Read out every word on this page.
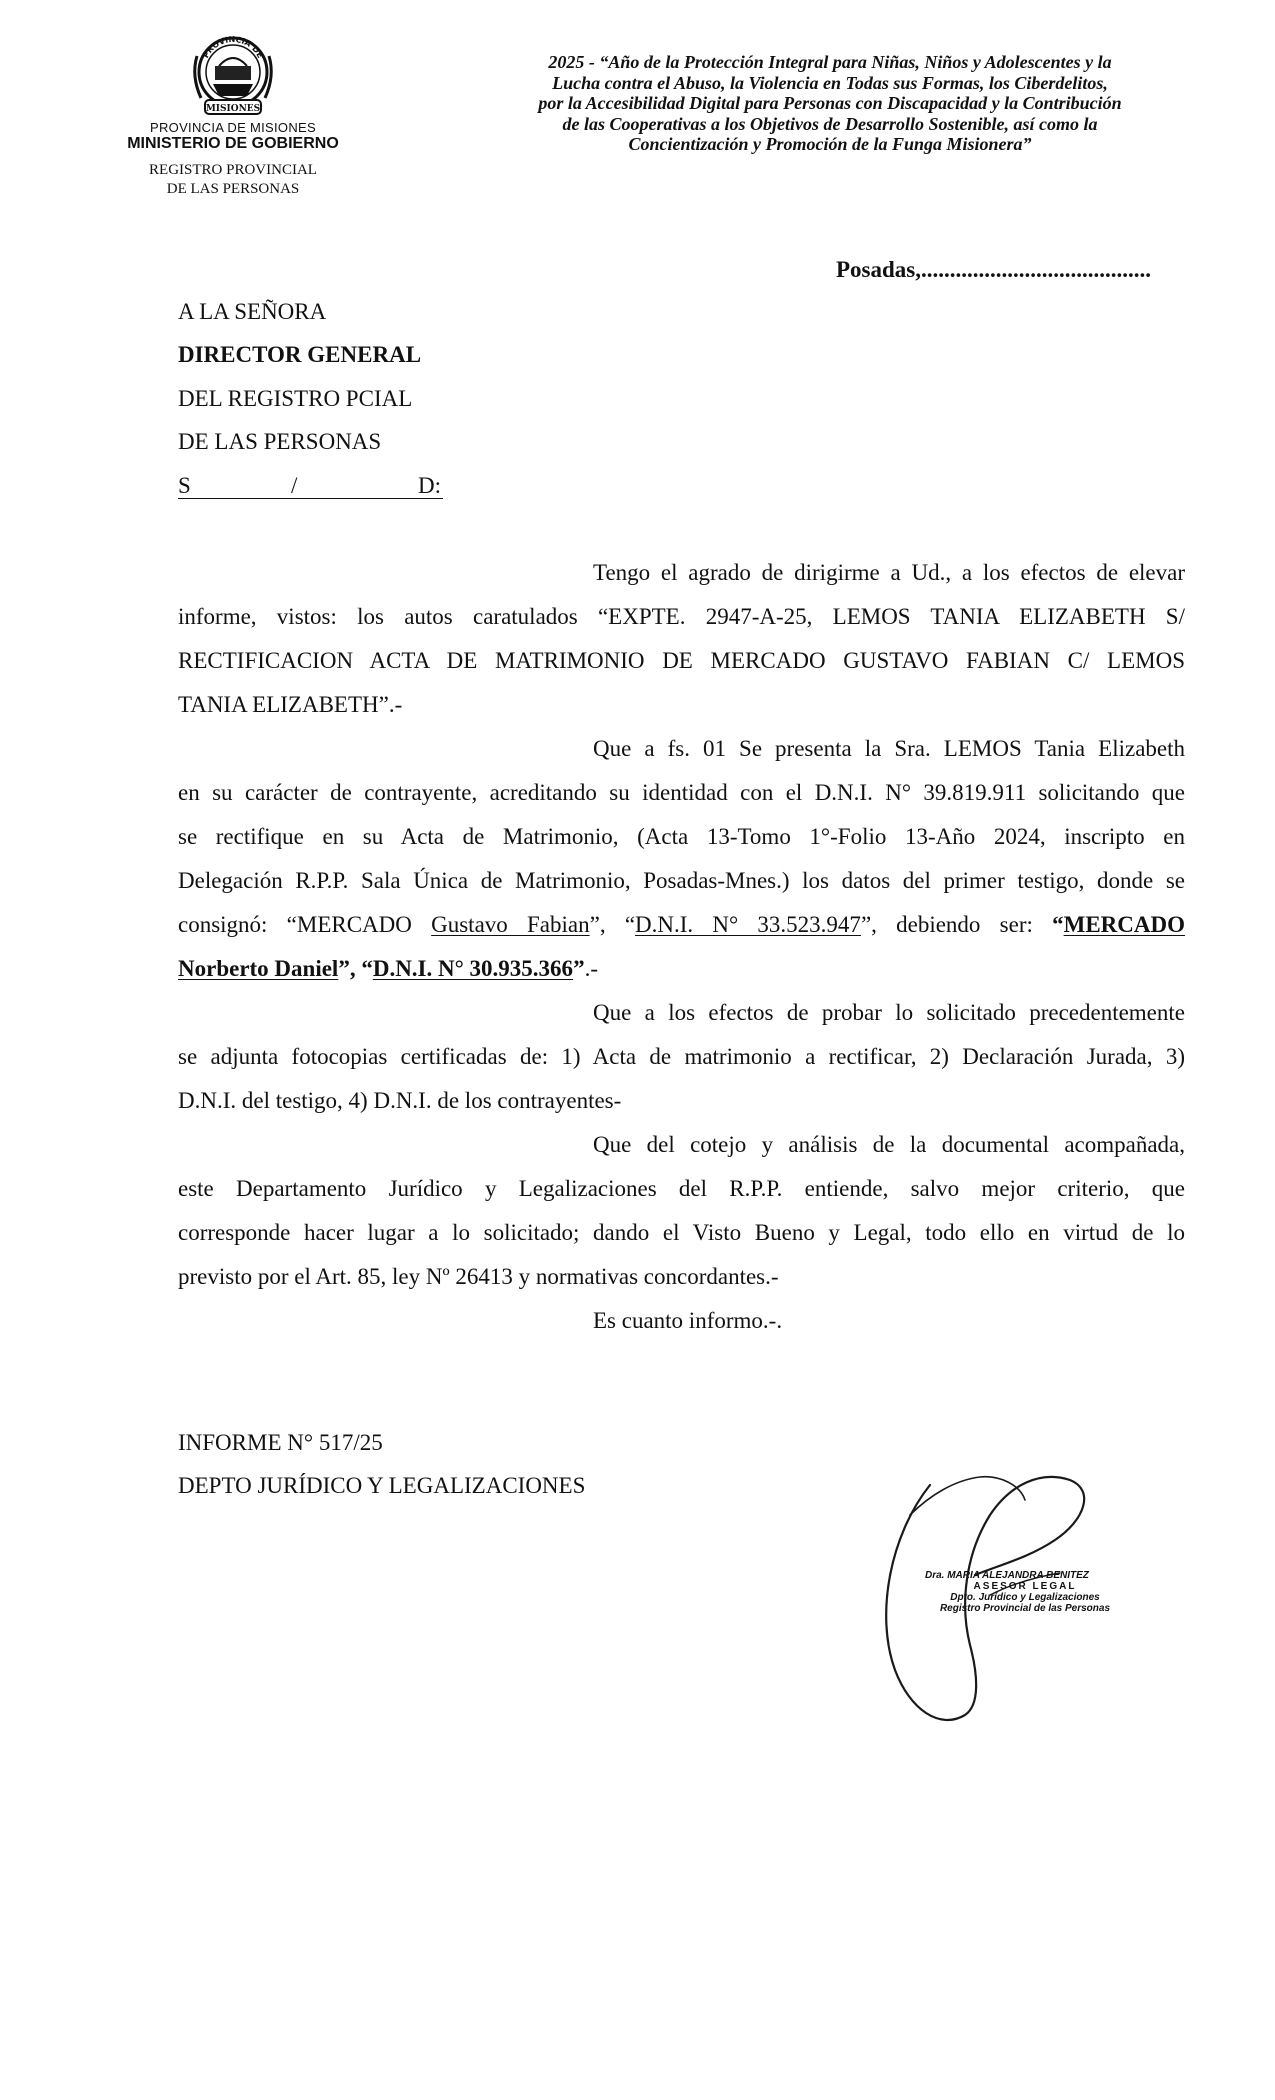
PROVINCIA DE
MISIONES
PROVINCIA DE MISIONES
MINISTERIO DE GOBIERNO
REGISTRO PROVINCIAL
DE LAS PERSONAS

2025 - “Año de la Protección Integral para Niñas, Niños y Adolescentes y la

Lucha contra el Abuso, la Violencia en Todas sus Formas, los Ciberdelitos,

por la Accesibilidad Digital para Personas con Discapacidad y la Contribución

de las Cooperativas a los Objetivos de Desarrollo Sostenible, así como la

Concientización y Promoción de la Funga Misionera”

Posadas,........................................
A LA SEÑORA
DIRECTOR GENERAL
DEL REGISTRO PCIAL
DE LAS PERSONAS
S	/	D:
Tengo el agrado de dirigirme a Ud., a los efectos de elevar
informe, vistos: los autos caratulados “EXPTE. 2947-A-25, LEMOS TANIA ELIZABETH S/
RECTIFICACION ACTA DE MATRIMONIO DE MERCADO GUSTAVO FABIAN C/ LEMOS
TANIA ELIZABETH”.-
Que a fs. 01 Se presenta la Sra. LEMOS Tania Elizabeth
en su carácter de contrayente, acreditando su identidad con el D.N.I. N° 39.819.911 solicitando que
se rectifique en su Acta de Matrimonio, (Acta 13-Tomo 1°-Folio 13-Año 2024, inscripto en
Delegación R.P.P. Sala Única de Matrimonio, Posadas-Mnes.) los datos del primer testigo, donde se
consignó: “MERCADO Gustavo Fabian”, “D.N.I. N° 33.523.947”, debiendo ser: “MERCADO
Norberto Daniel”, “D.N.I. N° 30.935.366”.-
Que a los efectos de probar lo solicitado precedentemente
se adjunta fotocopias certificadas de: 1) Acta de matrimonio a rectificar, 2) Declaración Jurada, 3)
D.N.I. del testigo, 4) D.N.I. de los contrayentes-
Que del cotejo y análisis de la documental acompañada,
este Departamento Jurídico y Legalizaciones del R.P.P. entiende, salvo mejor criterio, que
corresponde hacer lugar a lo solicitado; dando el Visto Bueno y Legal, todo ello en virtud de lo
previsto por el Art. 85, ley Nº 26413 y normativas concordantes.-
Es cuanto informo.-.
INFORME N° 517/25
DEPTO JURÍDICO Y LEGALIZACIONES
Dra. MARIA ALEJANDRA BENITEZ
ASESOR LEGAL
Dpto. Jurídico y Legalizaciones
Registro Provincial de las Personas
